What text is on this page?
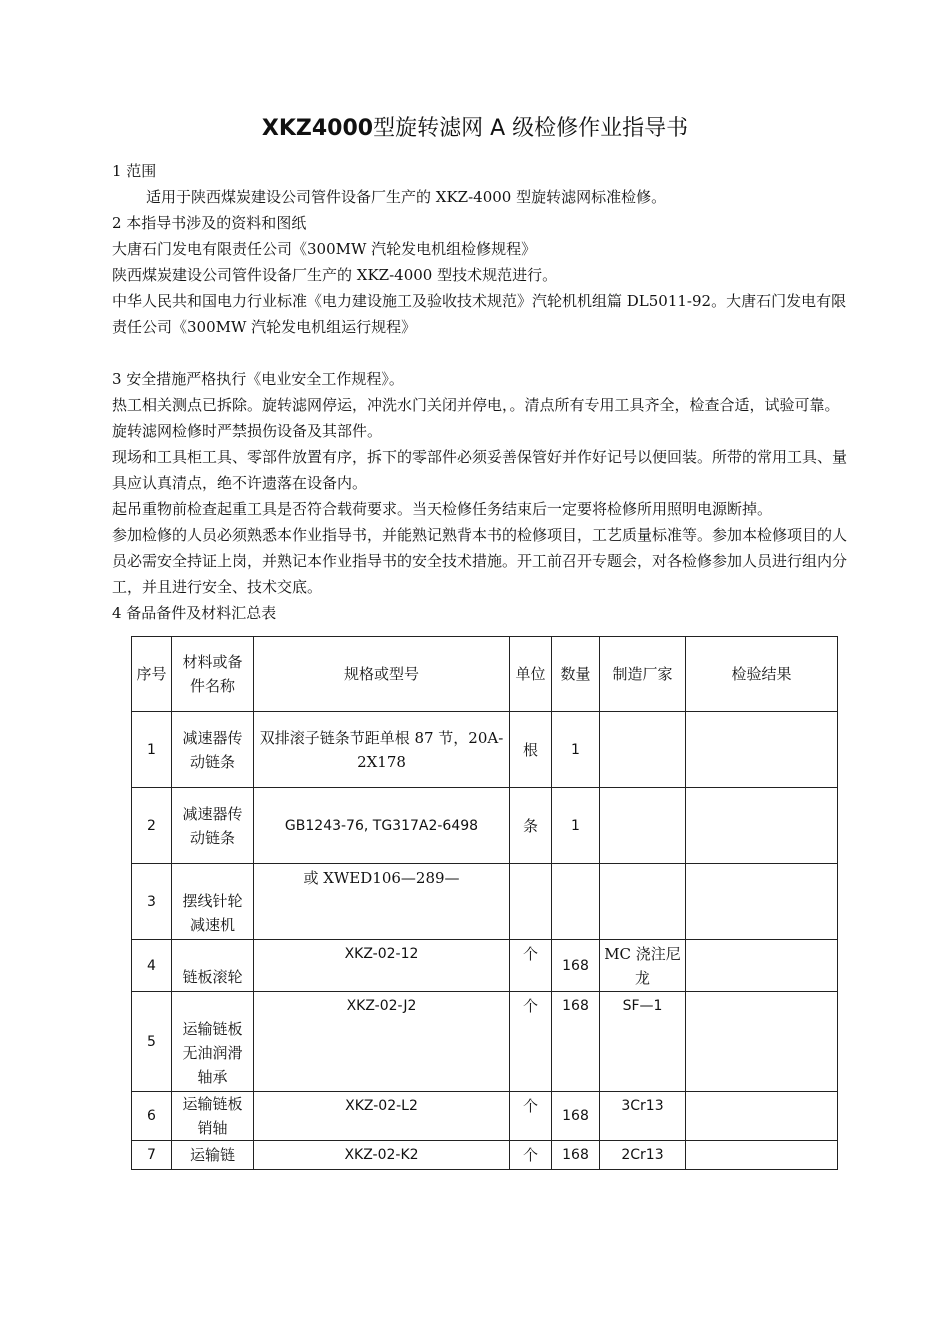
XKZ4000型旋转滤网 A 级检修作业指导书

1 范围

适用于陕西煤炭建设公司管件设备厂生产的 XKZ-4000 型旋转滤网标准检修。

2 本指导书涉及的资料和图纸

大唐石门发电有限责任公司《300MW 汽轮发电机组检修规程》

陕西煤炭建设公司管件设备厂生产的 XKZ-4000 型技术规范进行。

中华人民共和国电力行业标准《电力建设施工及验收技术规范》汽轮机机组篇 DL5011-92。大唐石门发电有限责任公司《300MW 汽轮发电机组运行规程》

3 安全措施严格执行《电业安全工作规程》。

热工相关测点已拆除。旋转滤网停运，冲洗水门关闭并停电，。清点所有专用工具齐全，检查合适，试验可靠。

旋转滤网检修时严禁损伤设备及其部件。

现场和工具柜工具、零部件放置有序，拆下的零部件必须妥善保管好并作好记号以便回装。所带的常用工具、量具应认真清点，绝不许遗落在设备内。

起吊重物前检查起重工具是否符合载荷要求。当天检修任务结束后一定要将检修所用照明电源断掉。

参加检修的人员必须熟悉本作业指导书，并能熟记熟背本书的检修项目，工艺质量标准等。参加本检修项目的人员必需安全持证上岗，并熟记本作业指导书的安全技术措施。开工前召开专题会，对各检修参加人员进行组内分工，并且进行安全、技术交底。

4 备品备件及材料汇总表

序号	材料或备件名称	规格或型号	单位	数量	制造厂家	检验结果
1	减速器传动链条	双排滚子链条节距单根 87 节，20A-2X178	根	1		
2	减速器传动链条	GB1243-76, TG317A2-6498	条	1		
3	摆线针轮减速机	或 XWED106—289—				
4	链板滚轮	XKZ-02-12	个	168	MC 浇注尼龙	
5	运输链板无油润滑轴承	XKZ-02-J2	个	168	SF—1	
6	运输链板销轴	XKZ-02-L2	个	168	3Cr13	
7	运输链	XKZ-02-K2	个	168	2Cr13	
